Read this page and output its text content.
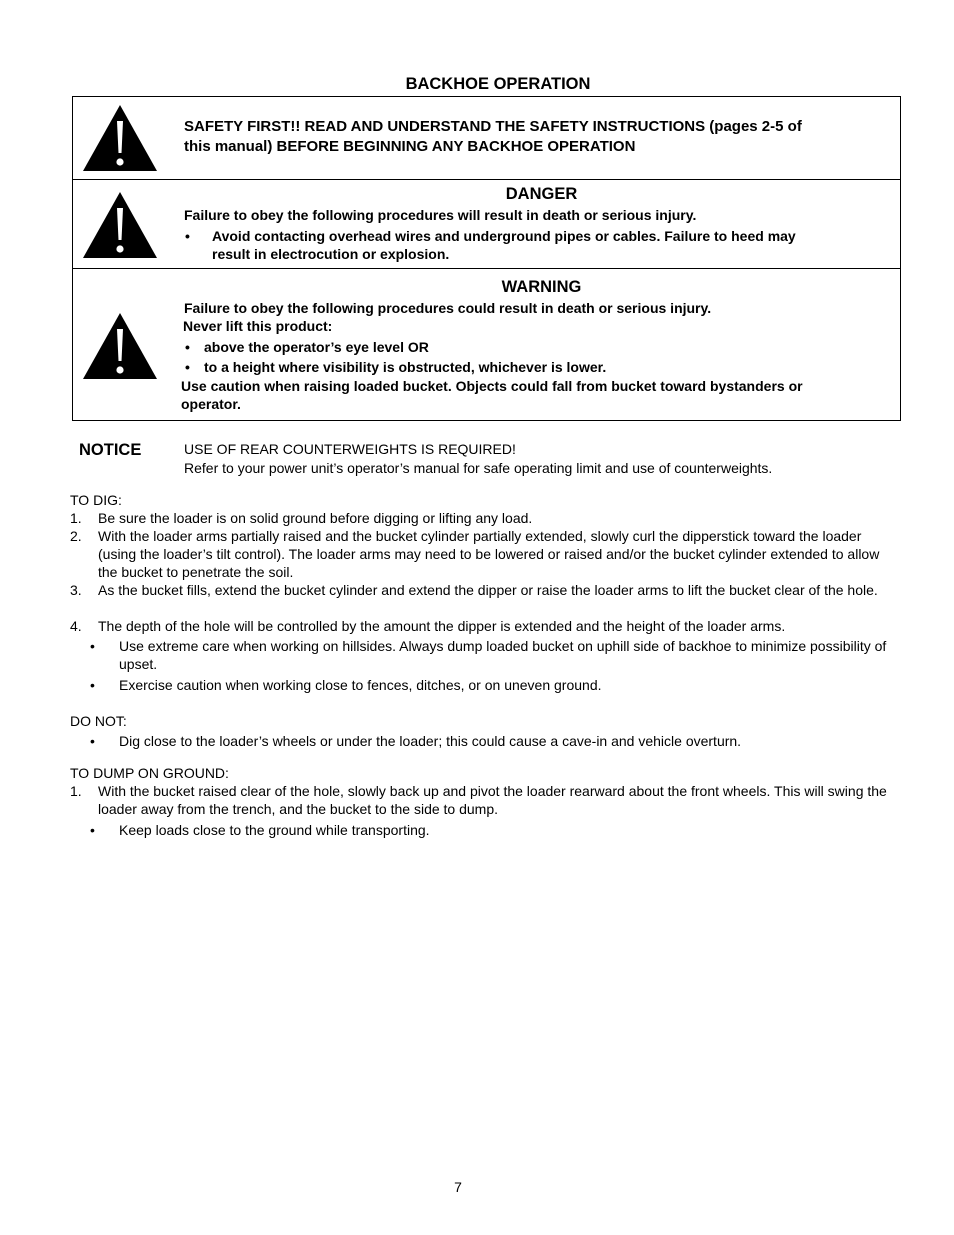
BACKHOE OPERATION
SAFETY FIRST!! READ AND UNDERSTAND THE SAFETY INSTRUCTIONS (pages 2-5 of
this manual) BEFORE BEGINNING ANY BACKHOE OPERATION
DANGER
Failure to obey the following procedures will result in death or serious injury.
• Avoid contacting overhead wires and underground pipes or cables. Failure to heed may
result in electrocution or explosion.
WARNING
Failure to obey the following procedures could result in death or serious injury.
Never lift this product:
• above the operator’s eye level OR
• to a height where visibility is obstructed, whichever is lower.
Use caution when raising loaded bucket. Objects could fall from bucket toward bystanders or
operator.
NOTICE	USE OF REAR COUNTERWEIGHTS IS REQUIRED!
Refer to your power unit’s operator’s manual for safe operating limit and use of counterweights.
TO DIG:
1. Be sure the loader is on solid ground before digging or lifting any load.
2. With the loader arms partially raised and the bucket cylinder partially extended, slowly curl the dipperstick toward the loader (using the loader’s tilt control). The loader arms may need to be lowered or raised and/or the bucket cylinder extended to allow the bucket to penetrate the soil.
3. As the bucket fills, extend the bucket cylinder and extend the dipper or raise the loader arms to lift the bucket clear of the hole.
4. The depth of the hole will be controlled by the amount the dipper is extended and the height of the loader arms.
• Use extreme care when working on hillsides. Always dump loaded bucket on uphill side of backhoe to minimize possibility of upset.
• Exercise caution when working close to fences, ditches, or on uneven ground.
DO NOT:
• Dig close to the loader’s wheels or under the loader; this could cause a cave-in and vehicle overturn.
TO DUMP ON GROUND:
1. With the bucket raised clear of the hole, slowly back up and pivot the loader rearward about the front wheels. This will swing the loader away from the trench, and the bucket to the side to dump.
• Keep loads close to the ground while transporting.
7
